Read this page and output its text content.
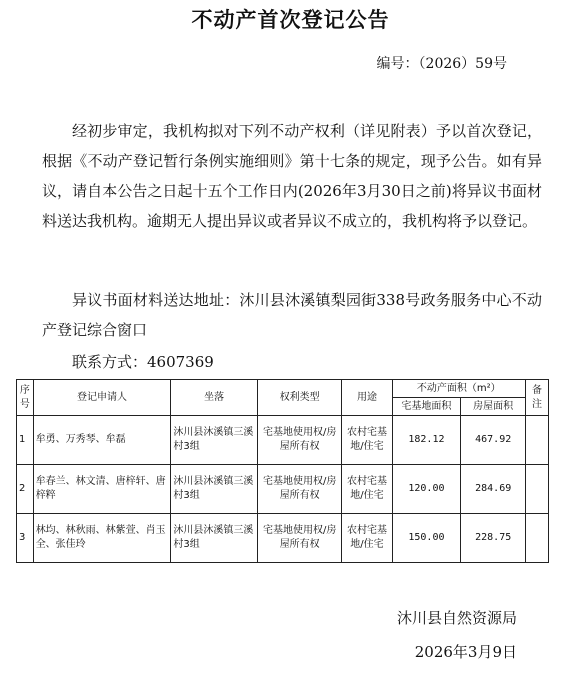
不动产首次登记公告
编号：（2026）59号
经初步审定，我机构拟对下列不动产权利（详见附表）予以首次登记，根据《不动产登记暂行条例实施细则》第十七条的规定，现予公告。如有异议，请自本公告之日起十五个工作日内(2026年3月30日之前)将异议书面材料送达我机构。逾期无人提出异议或者异议不成立的，我机构将予以登记。
异议书面材料送达地址：沐川县沐溪镇梨园街338号政务服务中心不动产登记综合窗口
联系方式：4607369
序号	登记申请人	坐落	权利类型	用途	不动产面积（m²）		备注
					宅基地面积	房屋面积	
1	牟勇、万秀琴、牟磊	沐川县沐溪镇三溪村3组	宅基地使用权/房屋所有权	农村宅基地/住宅	182.12	467.92	
2	牟春兰、林文清、唐梓轩、唐梓粹	沐川县沐溪镇三溪村3组	宅基地使用权/房屋所有权	农村宅基地/住宅	120.00	284.69	
3	林均、林秋雨、林紫萱、肖玉全、张佳玲	沐川县沐溪镇三溪村3组	宅基地使用权/房屋所有权	农村宅基地/住宅	150.00	228.75	
沐川县自然资源局
2026年3月9日
